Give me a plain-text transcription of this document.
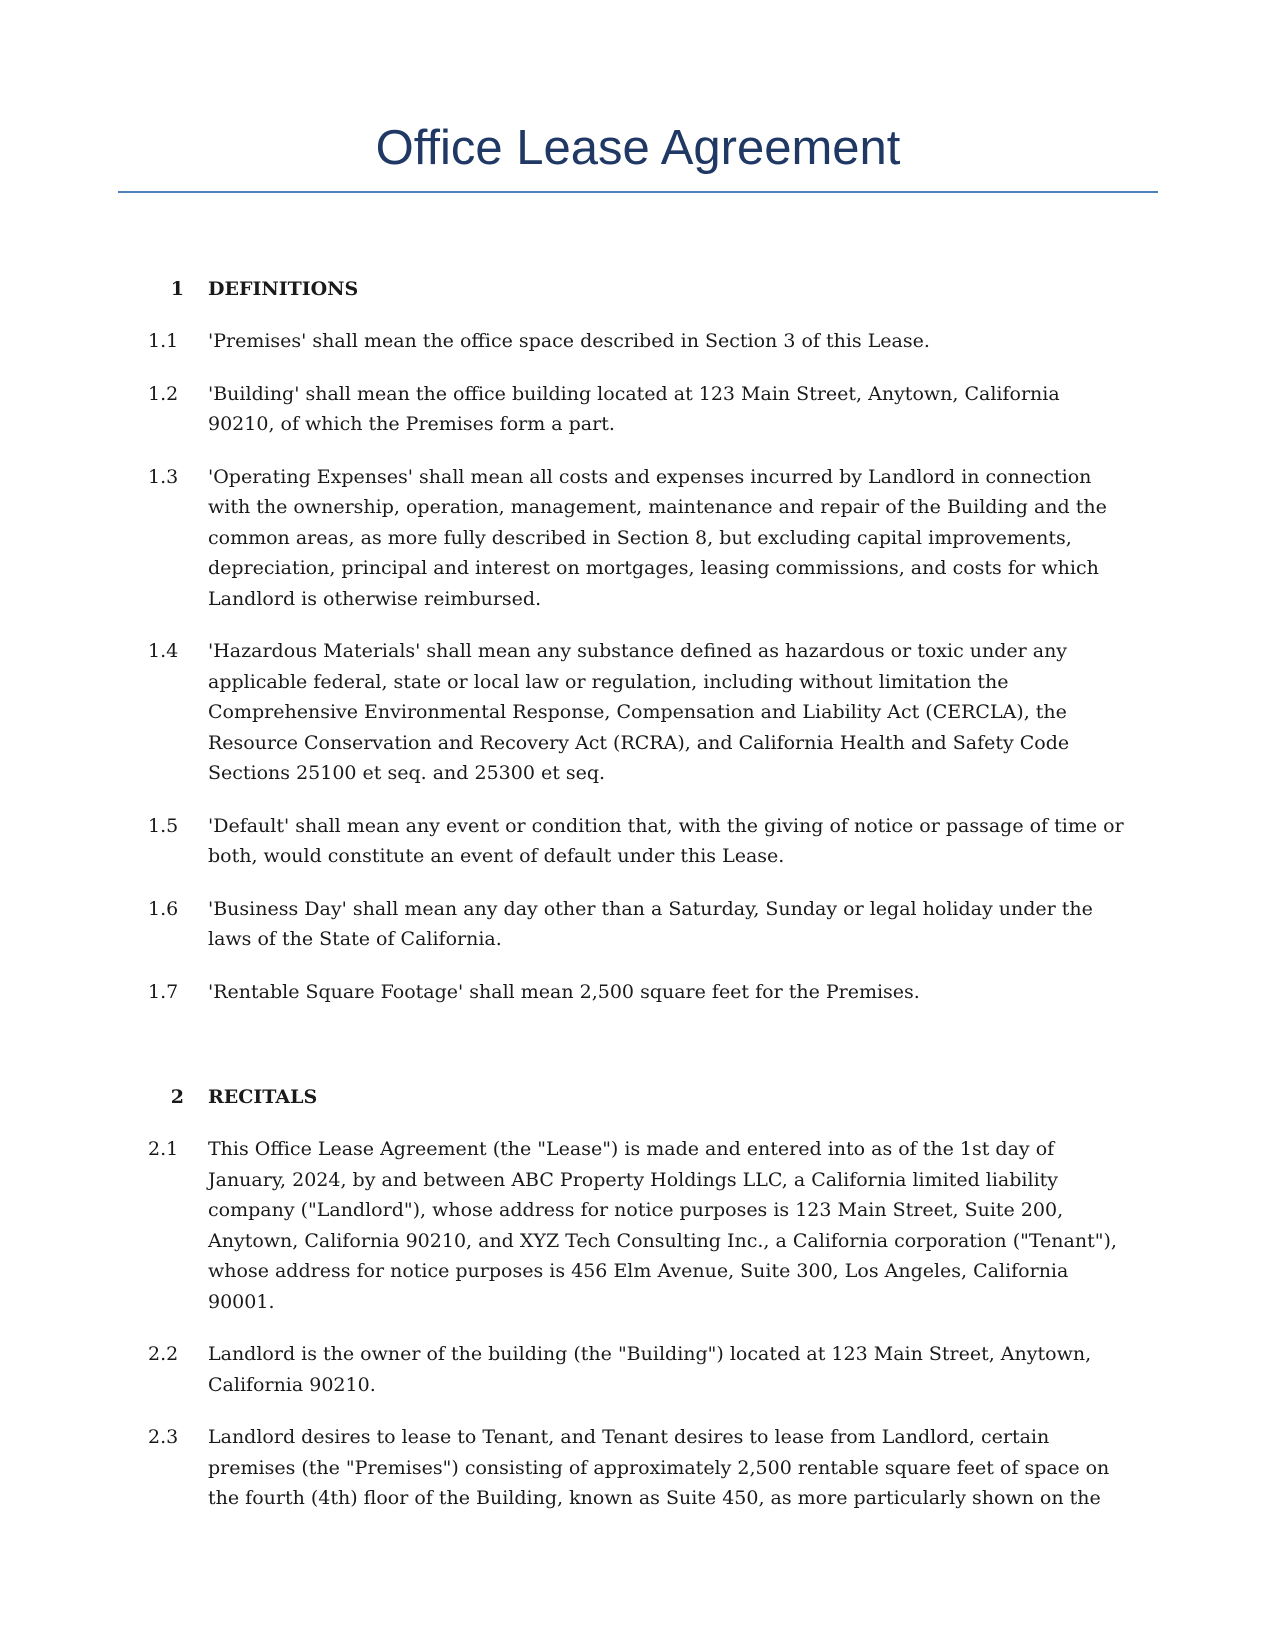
Office Lease Agreement
1 DEFINITIONS
1.1	'Premises' shall mean the office space described in Section 3 of this Lease.
1.2	'Building' shall mean the office building located at 123 Main Street, Anytown, California 90210, of which the Premises form a part.
1.3	'Operating Expenses' shall mean all costs and expenses incurred by Landlord in connection with the ownership, operation, management, maintenance and repair of the Building and the common areas, as more fully described in Section 8, but excluding capital improvements, depreciation, principal and interest on mortgages, leasing commissions, and costs for which Landlord is otherwise reimbursed.
1.4	'Hazardous Materials' shall mean any substance defined as hazardous or toxic under any applicable federal, state or local law or regulation, including without limitation the Comprehensive Environmental Response, Compensation and Liability Act (CERCLA), the Resource Conservation and Recovery Act (RCRA), and California Health and Safety Code Sections 25100 et seq. and 25300 et seq.
1.5	'Default' shall mean any event or condition that, with the giving of notice or passage of time or both, would constitute an event of default under this Lease.
1.6	'Business Day' shall mean any day other than a Saturday, Sunday or legal holiday under the laws of the State of California.
1.7	'Rentable Square Footage' shall mean 2,500 square feet for the Premises.
2 RECITALS
2.1	This Office Lease Agreement (the "Lease") is made and entered into as of the 1st day of January, 2024, by and between ABC Property Holdings LLC, a California limited liability company ("Landlord"), whose address for notice purposes is 123 Main Street, Suite 200, Anytown, California 90210, and XYZ Tech Consulting Inc., a California corporation ("Tenant"), whose address for notice purposes is 456 Elm Avenue, Suite 300, Los Angeles, California 90001.
2.2	Landlord is the owner of the building (the "Building") located at 123 Main Street, Anytown, California 90210.
2.3	Landlord desires to lease to Tenant, and Tenant desires to lease from Landlord, certain premises (the "Premises") consisting of approximately 2,500 rentable square feet of space on the fourth (4th) floor of the Building, known as Suite 450, as more particularly shown on the
